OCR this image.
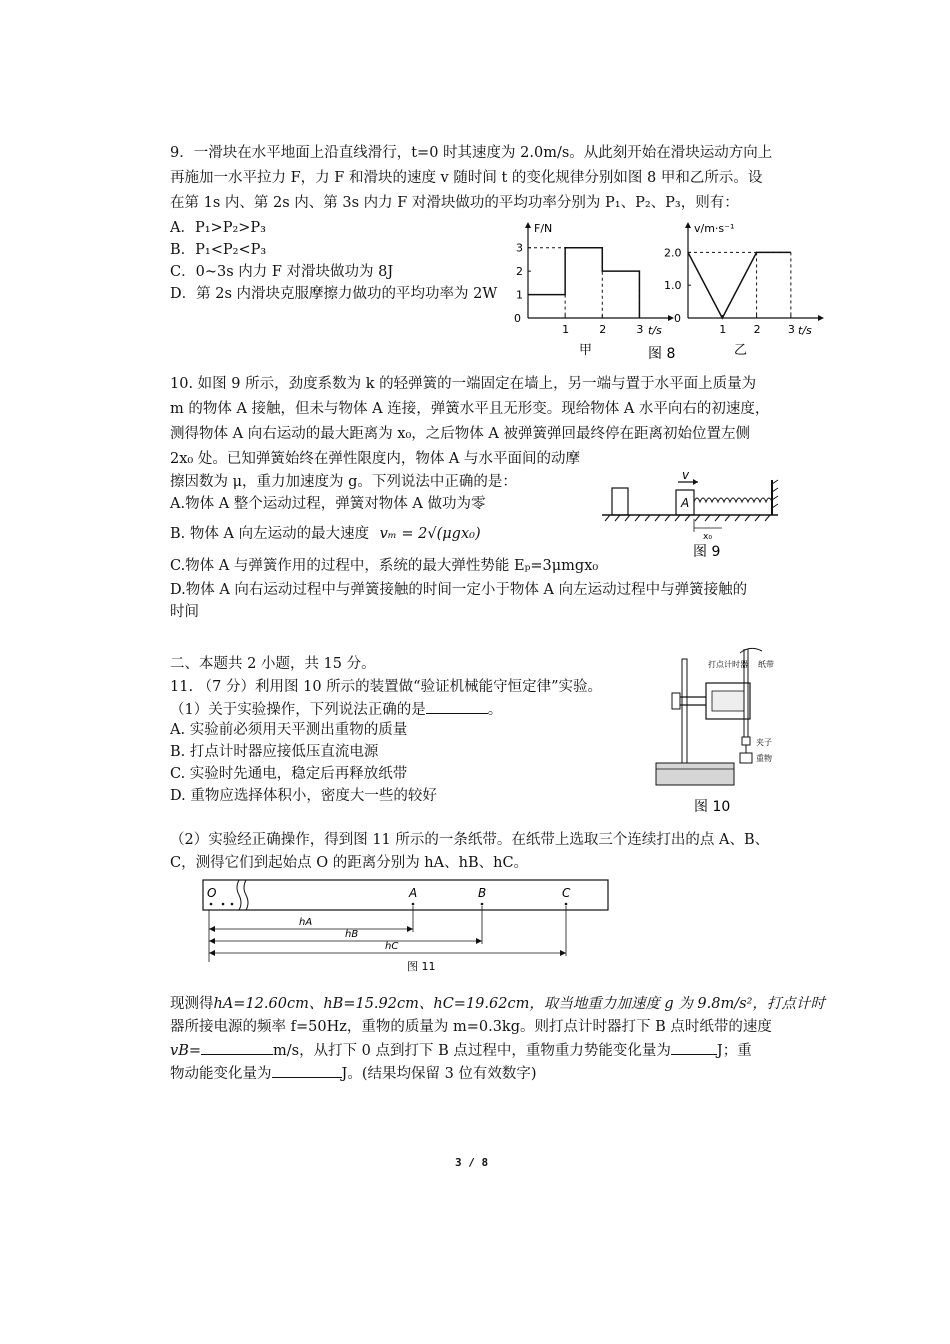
9．一滑块在水平地面上沿直线滑行，t=0 时其速度为 2.0m/s。从此刻开始在滑块运动方向上
再施加一水平拉力 F，力 F 和滑块的速度 v 随时间 t 的变化规律分别如图 8 甲和乙所示。设
在第 1s 内、第 2s 内、第 3s 内力 F 对滑块做功的平均功率分别为 P₁、P₂、P₃，则有：
A．P₁>P₂>P₃
B．P₁<P₂<P₃
C．0~3s 内力 F 对滑块做功为 8J
D．第 2s 内滑块克服摩擦力做功的平均功率为 2W
F/N
t/s
0
甲
1	2	3
1
2
3
v/m·s⁻¹
t/s
0
乙
1 2 3
1.0
2.0
图 8
10. 如图 9 所示，劲度系数为 k 的轻弹簧的一端固定在墙上，另一端与置于水平面上质量为
m 的物体 A 接触，但未与物体 A 连接，弹簧水平且无形变。现给物体 A 水平向右的初速度，
测得物体 A 向右运动的最大距离为 x₀，之后物体 A 被弹簧弹回最终停在距离初始位置左侧
2x₀ 处。已知弹簧始终在弹性限度内，物体 A 与水平面间的动摩
擦因数为 μ，重力加速度为 g。下列说法中正确的是：
A.物体 A 整个运动过程，弹簧对物体 A 做功为零
B. 物体 A 向左运动的最大速度 vₘ = 2√(μgx₀)
C.物体 A 与弹簧作用的过程中，系统的最大弹性势能 Eₚ=3μmgx₀
D.物体 A 向右运动过程中与弹簧接触的时间一定小于物体 A 向左运动过程中与弹簧接触的
时间
A
v
x₀
图 9
二、本题共 2 小题，共 15 分。
11. （7 分）利用图 10 所示的装置做“验证机械能守恒定律”实验。
（1）关于实验操作，下列说法正确的是	。
A. 实验前必须用天平测出重物的质量
B. 打点计时器应接低压直流电源
C. 实验时先通电，稳定后再释放纸带
D. 重物应选择体积小，密度大一些的较好
打点计时器 纸带
夹子
重物
图 10
（2）实验经正确操作，得到图 11 所示的一条纸带。在纸带上选取三个连续打出的点 A、B、
C，测得它们到起始点 O 的距离分别为 hA、hB、hC。
O	A	B	C
hA
hB
hC
图 11
现测得hA=12.60cm、hB=15.92cm、hC=19.62cm，取当地重力加速度 g 为 9.8m/s²，打点计时
器所接电源的频率 f=50Hz，重物的质量为 m=0.3kg。则打点计时器打下 B 点时纸带的速度
vB=	m/s，从打下 0 点到打下 B 点过程中，重物重力势能变化量为	J；重
物动能变化量为	J。(结果均保留 3 位有效数字)
3 / 8
